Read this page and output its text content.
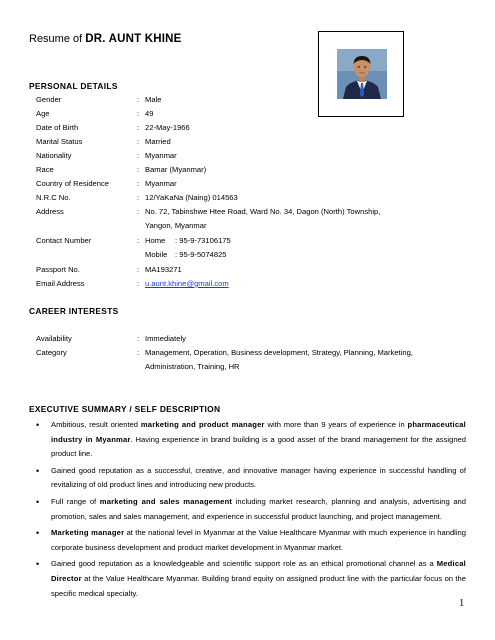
Resume of DR. AUNT KHINE
PERSONAL DETAILS
Gender	: Male
Age	: 49
Date of Birth	: 22-May-1966
Marital Status	: Married
Nationality	: Myanmar
Race	: Bamar (Myanmar)
Country of Residence	: Myanmar
N.R.C No.	: 12/YaKaNa (Naing) 014563
Address	: No. 72, Tabinshwe Htee Road, Ward No. 34, Dagon (North) Township,
Yangon, Myanmar
Contact Number	: Home : 95-9-73106175
Mobile : 95-9-5074825
Passport No.	: MA193271
Email Address	: u.aunt.khine@gmail.com
CAREER INTERESTS
Availability	: Immediately
Category	: Management, Operation, Business development, Strategy, Planning, Marketing,
Administration, Training, HR
EXECUTIVE SUMMARY / SELF DESCRIPTION
• Ambitious, result oriented marketing and product manager with more than 9 years of experience in pharmaceutical industry in Myanmar. Having experience in brand building is a good asset of the brand management for the assigned product line.
• Gained good reputation as a successful, creative, and innovative manager having experience in successful handling of revitalizing of old product lines and introducing new products.
• Full range of marketing and sales management including market research, planning and analysis, advertising and promotion, sales and sales management, and experience in successful product launching, and project management.
• Marketing manager at the national level in Myanmar at the Value Healthcare Myanmar with much experience in handling corporate business development and product market development in Myanmar market.
• Gained good reputation as a knowledgeable and scientific support role as an ethical promotional channel as a Medical Director at the Value Healthcare Myanmar. Building brand equity on assigned product line with the particular focus on the specific medical specialty.
1
